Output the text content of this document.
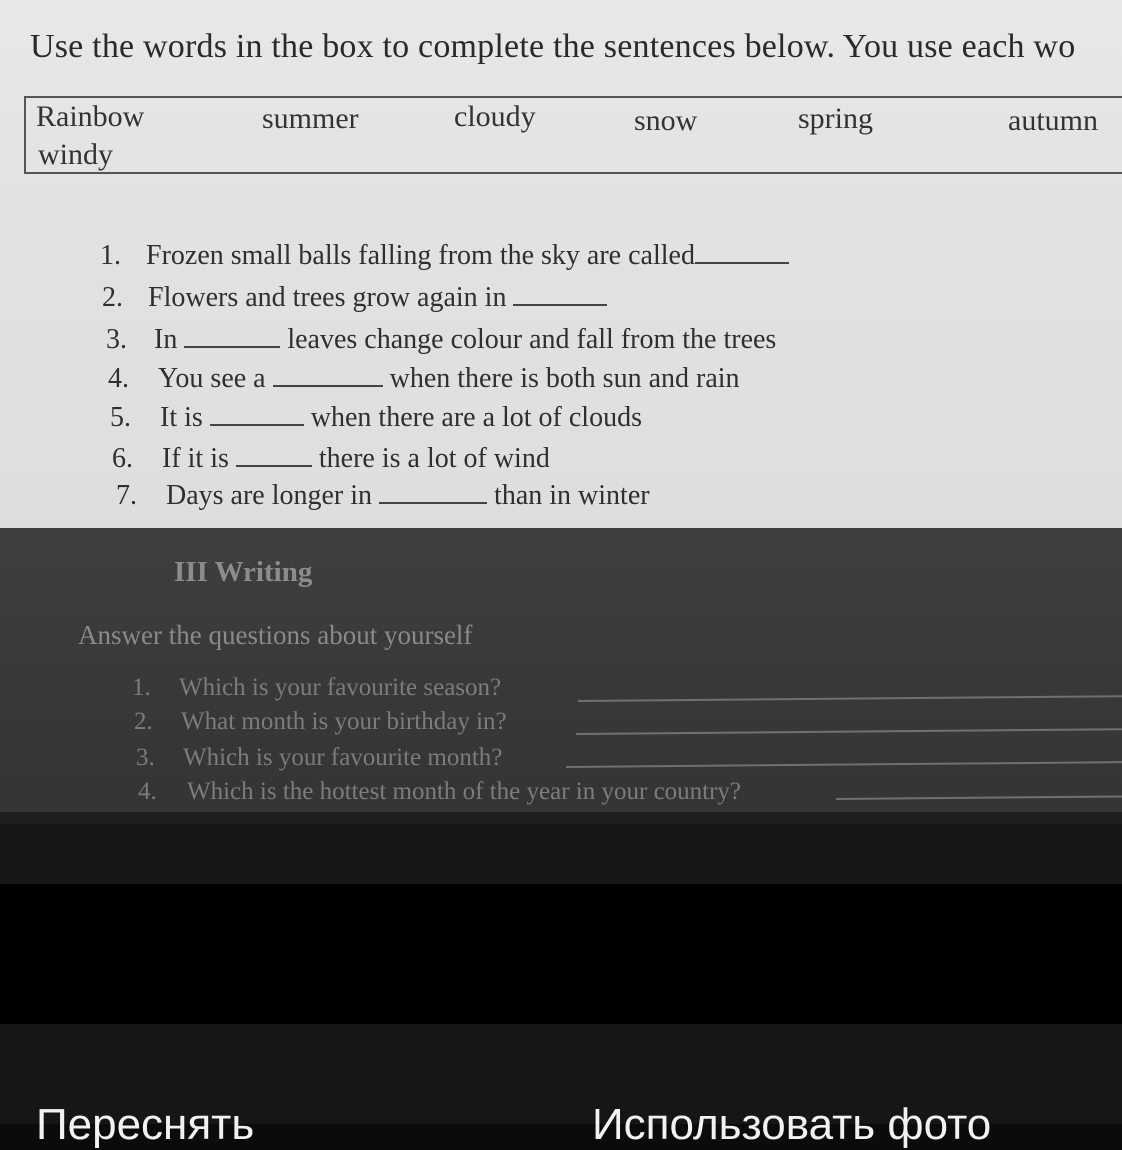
Use the words in the box to complete the sentences below. You use each wo
Rainbow	summer	cloudy	snow	spring	autumn
windy
1. Frozen small balls falling from the sky are called
2. Flowers and trees grow again in
3. In	leaves change colour and fall from the trees
4. You see a	when there is both sun and rain
5. It is	when there are a lot of clouds
6. If it is	there is a lot of wind
7. Days are longer in	than in winter
III Writing
Answer the questions about yourself
1. Which is your favourite season?
2. What month is your birthday in?
3. Which is your favourite month?
4. Which is the hottest month of the year in your country?
Переснять	Использовать фото
